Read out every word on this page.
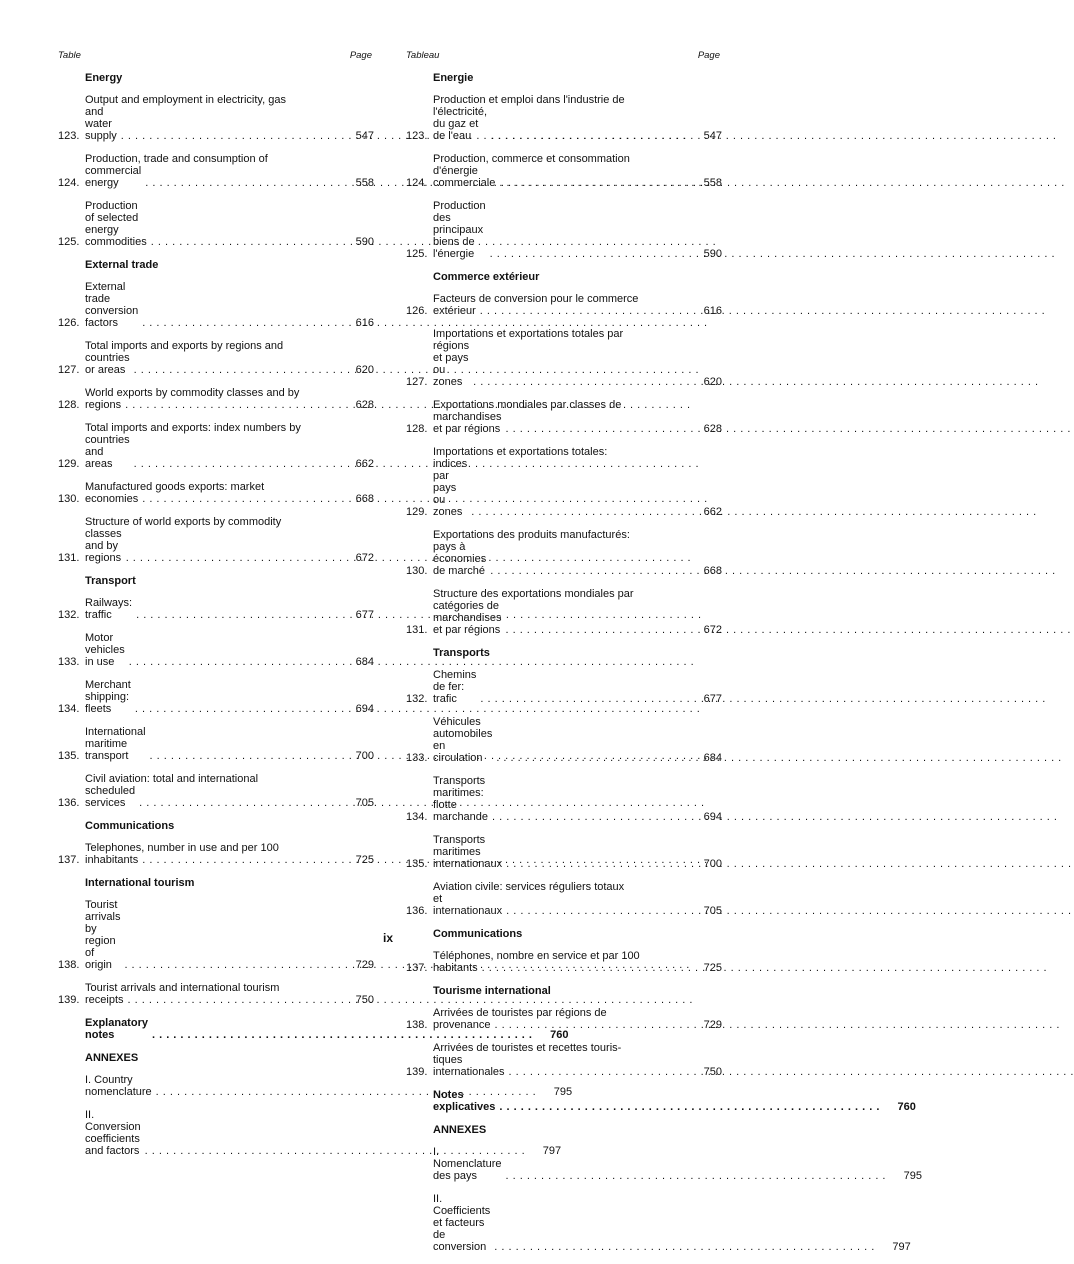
Table	Page
Energy
123.
Output and employment in electricity, gas
and water supply . . .	547
124.
Production, trade and consumption of
commercial energy . . .	558
125.
Production of selected energy commodities . . .	590
External trade
126.
External trade conversion factors . . .	616
127.
Total imports and exports by regions and
countries or areas . . .	620
128.
World exports by commodity classes and by
regions . . .	628
129.
Total imports and exports: index numbers by
countries and areas . . .	662
130.
Manufactured goods exports: market
economies . . .	668
131.
Structure of world exports by commodity
classes and by regions . . .	672
Transport
132.
Railways: traffic . . .	677
133.
Motor vehicles in use . . .	684
134.
Merchant shipping: fleets . . .	694
135.
International maritime transport . . .	700
136.
Civil aviation: total and international
scheduled services . . .	705
Communications
137.
Telephones, number in use and per 100
inhabitants . . .	725
International tourism
138.
Tourist arrivals by region of origin . . .	729
139.
Tourist arrivals and international tourism
receipts . . .	750
Explanatory notes . . .	760
ANNEXES
I. Country nomenclature . . .	795
II. Conversion coefficients and factors . . .	797
Tableau	Page
Energie
123.
Production et emploi dans l'industrie de
l'électricité, du gaz et de l'eau . . .	547
124.
Production, commerce et consommation
d'énergie commerciale . . .	558
125.
Production des principaux biens de l'énergie . . .	590
Commerce extérieur
126.
Facteurs de conversion pour le commerce
extérieur . . .	616
127.
Importations et exportations totales par
régions et pays ou zones . . .	620
128.
Exportations mondiales par classes de
marchandises et par régions . . .	628
129.
Importations et exportations totales:
indices par pays ou zones . . .	662
130.
Exportations des produits manufacturés:
pays à économies de marché . . .	668
131.
Structure des exportations mondiales par
catégories de marchandises et par régions . . .	672
Transports
132.
Chemins de fer: trafic . . .	677
133.
Véhicules automobiles en circulation . . .	684
134.
Transports maritimes: flotte marchande . . .	694
135.
Transports maritimes internationaux . . .	700
136.
Aviation civile: services réguliers totaux
et internationaux . . .	705
Communications
137.
Téléphones, nombre en service et par 100
habitants . . .	725
Tourisme international
138.
Arrivées de touristes par régions de
provenance . . .	729
139.
Arrivées de touristes et recettes touris-
tiques internationales . . .	750
Notes explicatives . . .	760
ANNEXES
I. Nomenclature des pays . . .	795
II. Coefficients et facteurs de conversion . . .	797
ix
